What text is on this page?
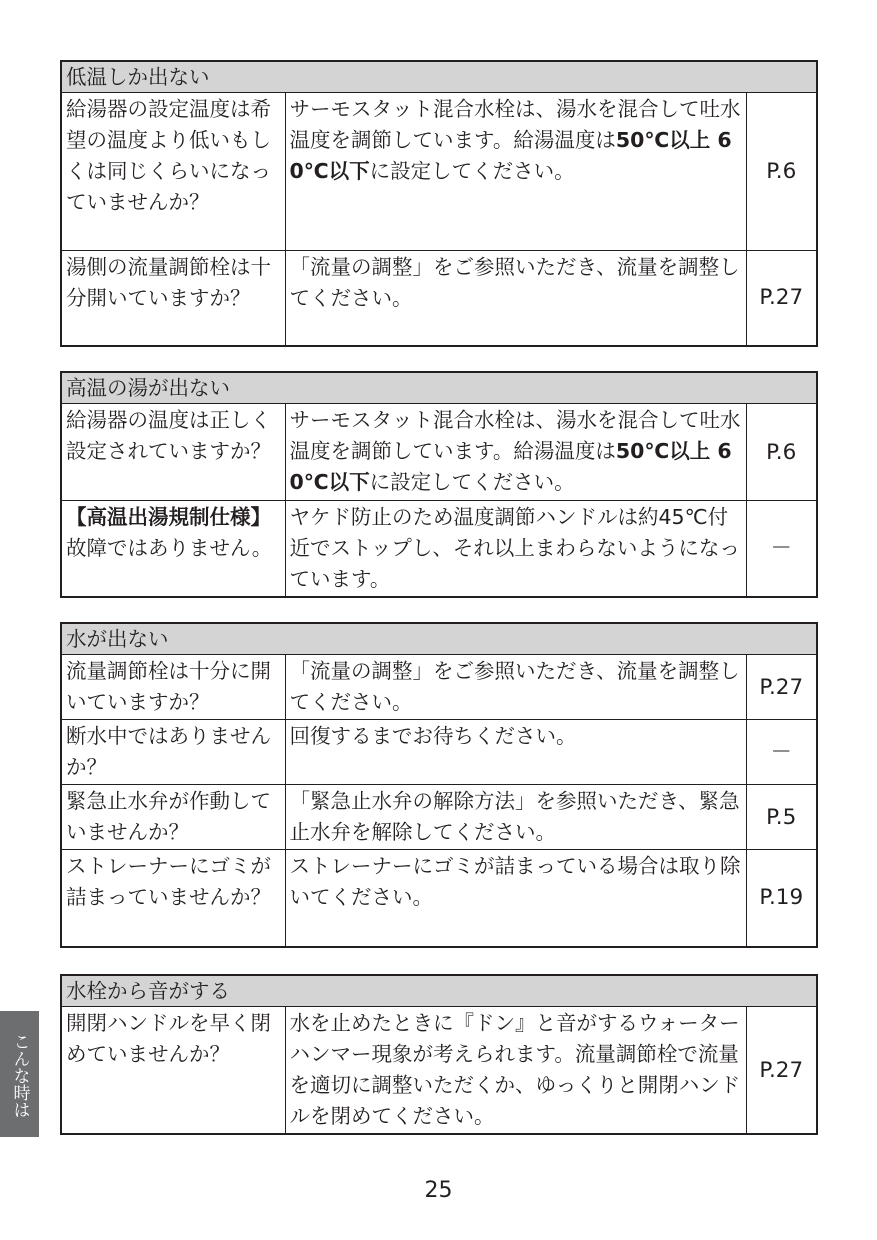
低温しか出ない		
給湯器の設定温度は希望の温度より低いもしくは同じくらいになっていませんか？	サーモスタット混合水栓は、湯水を混合して吐水温度を調節しています。給湯温度は50℃以上 60℃以下に設定してください。	P.6
湯側の流量調節栓は十分開いていますか？	「流量の調整」をご参照いただき、流量を調整してください。	P.27
高温の湯が出ない		
給湯器の温度は正しく設定されていますか？	サーモスタット混合水栓は、湯水を混合して吐水温度を調節しています。給湯温度は50℃以上 60℃以下に設定してください。	P.6
【高温出湯規制仕様】故障ではありません。	ヤケド防止のため温度調節ハンドルは約45℃付近でストップし、それ以上まわらないようになっています。	－
水が出ない		
流量調節栓は十分に開いていますか？	「流量の調整」をご参照いただき、流量を調整してください。	P.27
断水中ではありませんか？	回復するまでお待ちください。	－
緊急止水弁が作動していませんか？	「緊急止水弁の解除方法」を参照いただき、緊急止水弁を解除してください。	P.5
ストレーナーにゴミが詰まっていませんか？	ストレーナーにゴミが詰まっている場合は取り除いてください。	P.19
水栓から音がする
開閉ハンドルを早く閉めていませんか？	水を止めたときに『ドン』と音がするウォーターハンマー現象が考えられます。流量調節栓で流量を適切に調整いただくか、ゆっくりと開閉ハンドルを閉めてください。	P.27
こんな時は
25
